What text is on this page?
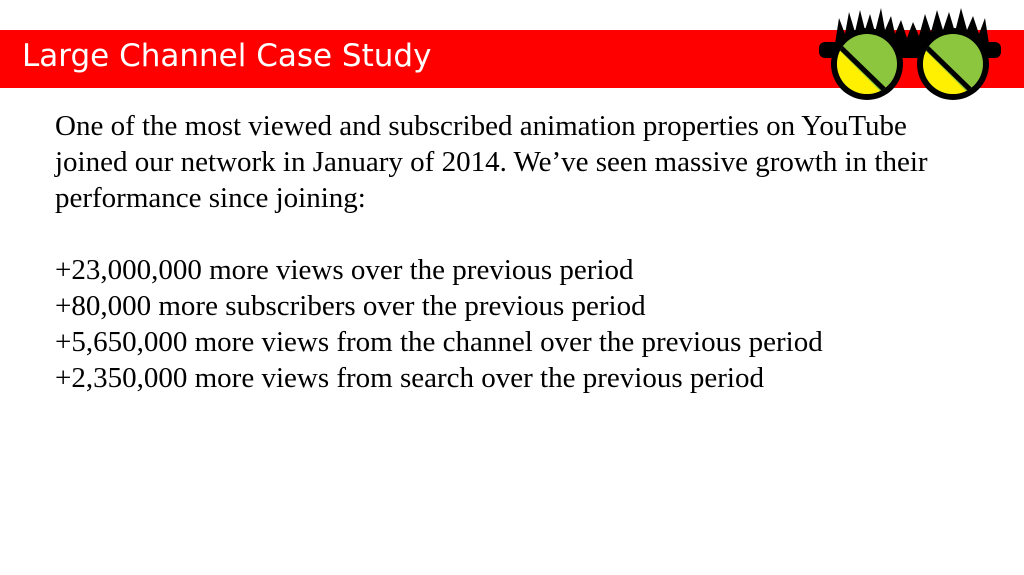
Large Channel Case Study

One of the most viewed and subscribed animation properties on YouTube joined our network in January of 2014. We’ve seen massive growth in their performance since joining:

+23,000,000 more views over the previous period

+80,000 more subscribers over the previous period

+5,650,000 more views from the channel over the previous period

+2,350,000 more views from search over the previous period
